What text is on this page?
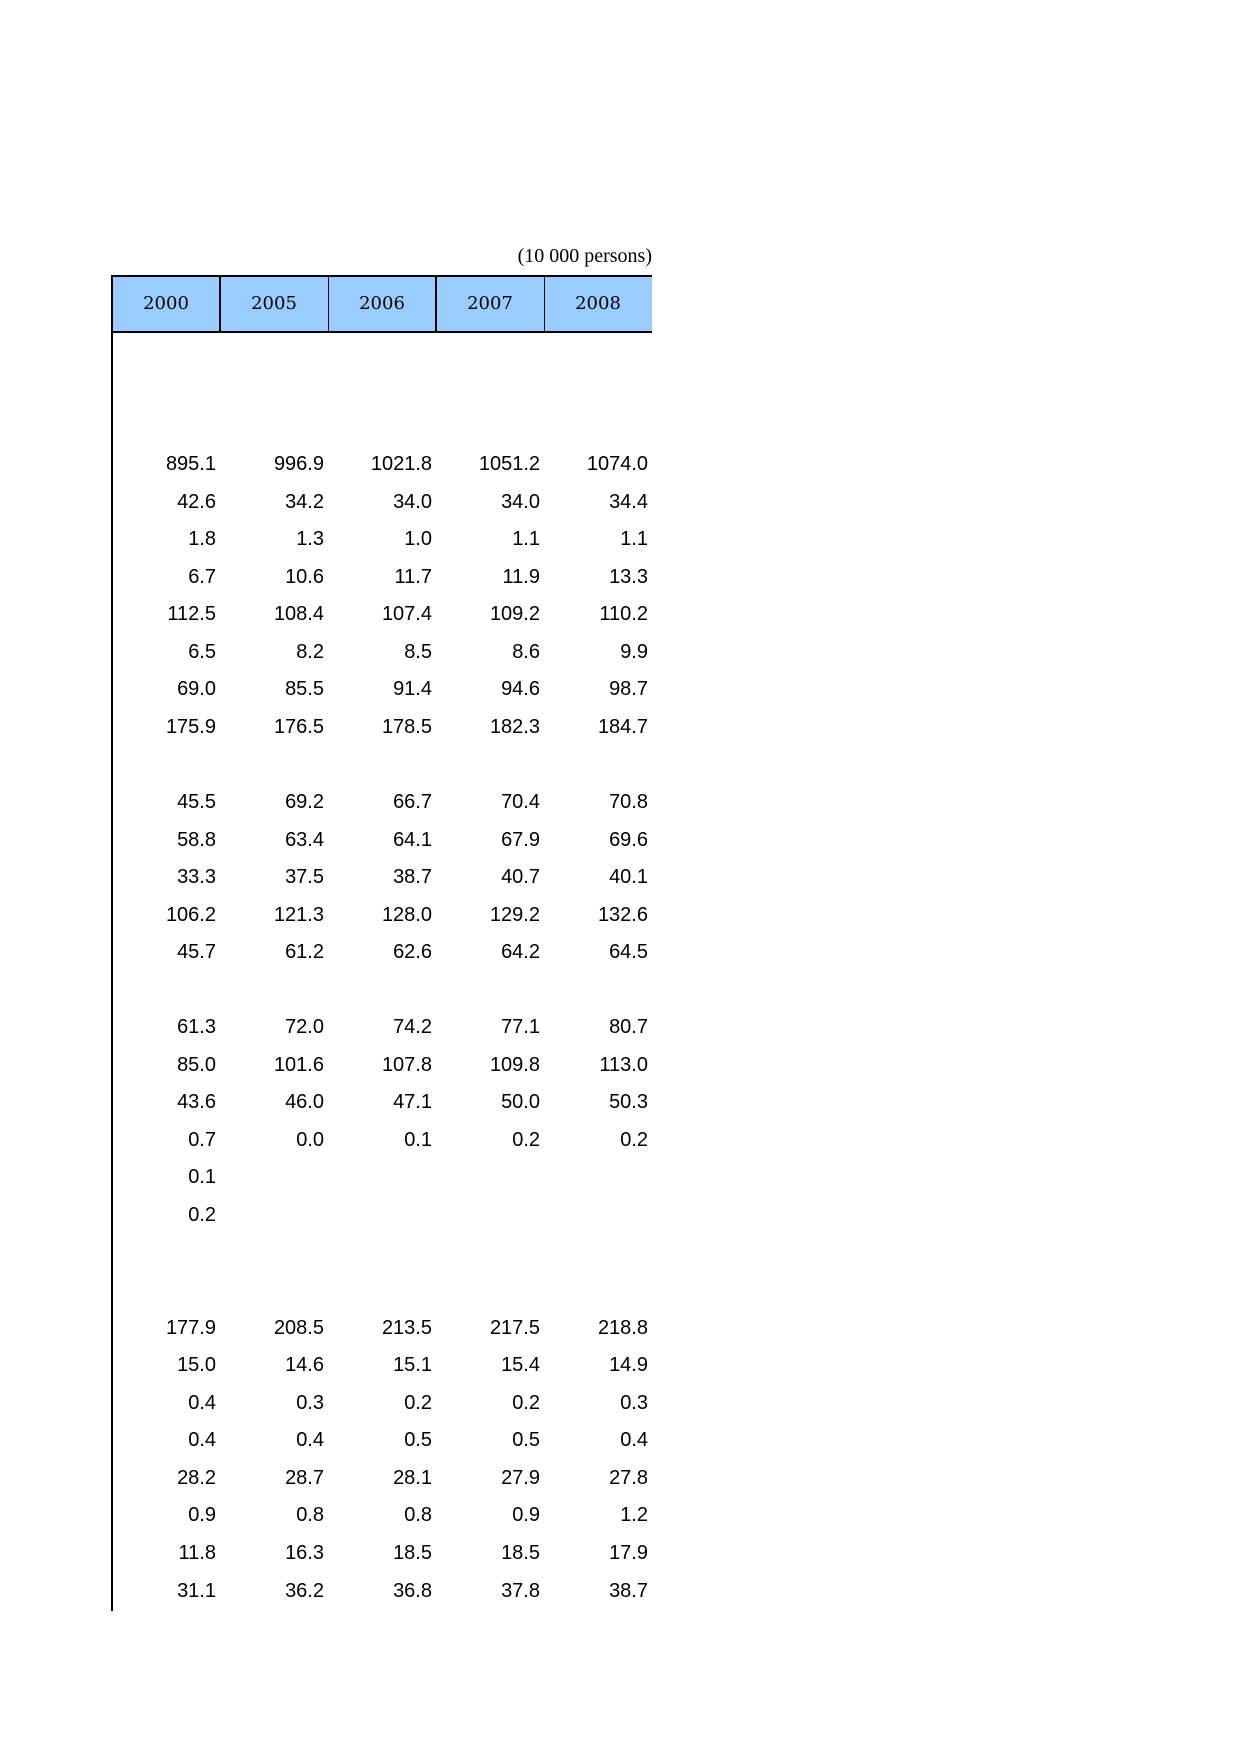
(10 000 persons)
2000	2005	2006	2007	2008
895.1	996.9	1021.8	1051.2	1074.0
42.6	34.2	34.0	34.0	34.4
1.8	1.3	1.0	1.1	1.1
6.7	10.6	11.7	11.9	13.3
112.5	108.4	107.4	109.2	110.2
6.5	8.2	8.5	8.6	9.9
69.0	85.5	91.4	94.6	98.7
175.9	176.5	178.5	182.3	184.7
45.5	69.2	66.7	70.4	70.8
58.8	63.4	64.1	67.9	69.6
33.3	37.5	38.7	40.7	40.1
106.2	121.3	128.0	129.2	132.6
45.7	61.2	62.6	64.2	64.5
61.3	72.0	74.2	77.1	80.7
85.0	101.6	107.8	109.8	113.0
43.6	46.0	47.1	50.0	50.3
0.7	0.0	0.1	0.2	0.2
0.1
0.2
177.9	208.5	213.5	217.5	218.8
15.0	14.6	15.1	15.4	14.9
0.4	0.3	0.2	0.2	0.3
0.4	0.4	0.5	0.5	0.4
28.2	28.7	28.1	27.9	27.8
0.9	0.8	0.8	0.9	1.2
11.8	16.3	18.5	18.5	17.9
31.1	36.2	36.8	37.8	38.7
